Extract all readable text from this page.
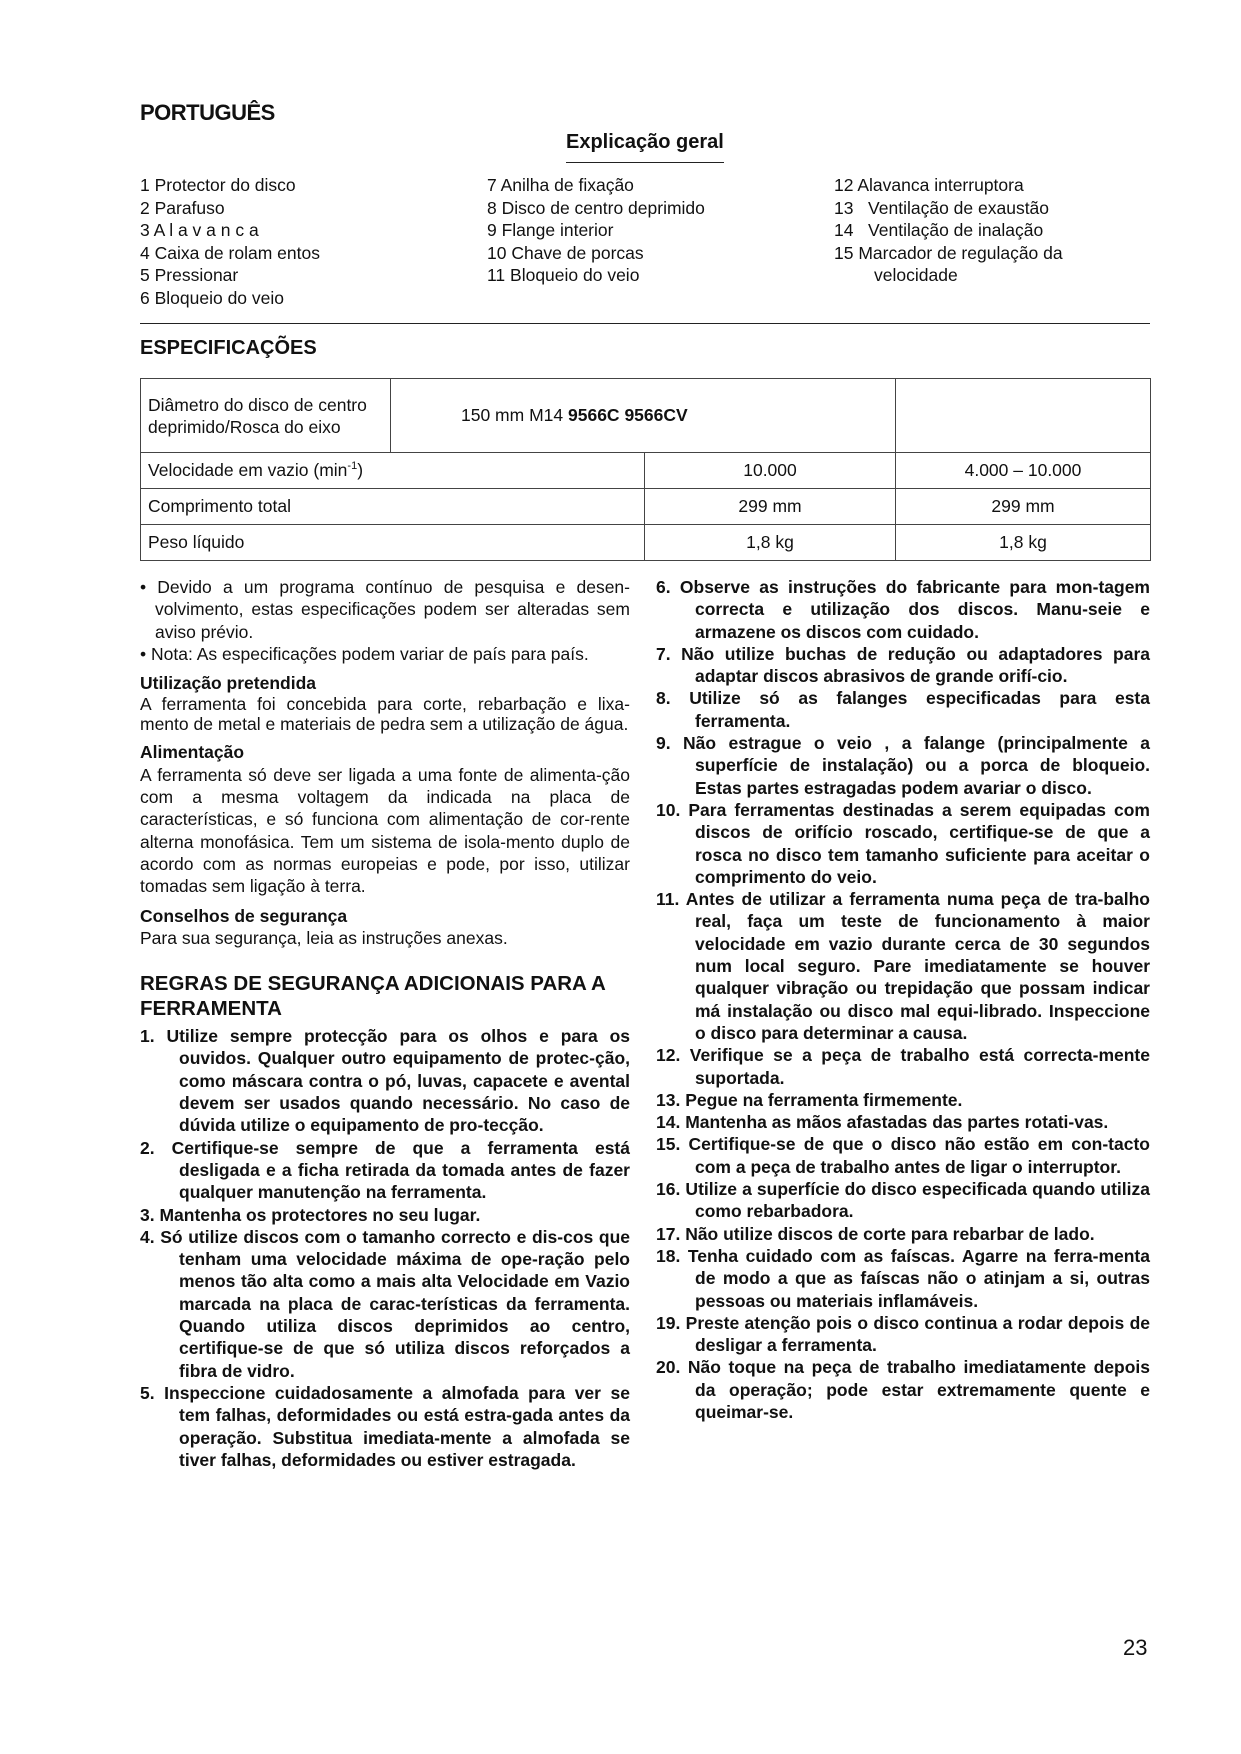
PORTUGUÊS
Explicação geral
1 Protector do disco
2 Parafuso
3 A l a v a n c a
4 Caixa de rolam entos
5 Pressionar
6 Bloqueio do veio
7 Anilha de fixação
8 Disco de centro deprimido
9 Flange interior
10 Chave de porcas
11 Bloqueio do veio
12 Alavanca interruptora
13   Ventilação de exaustão
14   Ventilação de inalação
15 Marcador de regulação da
velocidade
ESPECIFICAÇÕES
Diâmetro do disco de centro deprimido/Rosca do eixo	150 mm M14 9566C 9566CV		
Velocidade em vazio $(\min^{-1})$		10.000	4.000 – 10.000
Comprimento total		299 mm	299 mm
Peso líquido		1,8 kg	1,8 kg

• Devido a um programa contínuo de pesquisa e desen-volvimento, estas especificações podem ser alteradas sem aviso prévio.

• Nota: As especificações podem variar de país para país.

Utilização pretendida

A ferramenta foi concebida para corte, rebarbação e lixa-mento de metal e materiais de pedra sem a utilização de água.

Alimentação

A ferramenta só deve ser ligada a uma fonte de alimenta-ção com a mesma voltagem da indicada na placa de características, e só funciona com alimentação de cor-rente alterna monofásica. Tem um sistema de isola-mento duplo de acordo com as normas europeias e pode, por isso, utilizar tomadas sem ligação à terra.

Conselhos de segurança

Para sua segurança, leia as instruções anexas.

REGRAS DE SEGURANÇA ADICIONAIS PARA A FERRAMENTA

1. Utilize sempre protecção para os olhos e para os ouvidos. Qualquer outro equipamento de protec-ção, como máscara contra o pó, luvas, capacete e avental devem ser usados quando necessário. No caso de dúvida utilize o equipamento de pro-tecção.

2. Certifique-se sempre de que a ferramenta está desligada e a ficha retirada da tomada antes de fazer qualquer manutenção na ferramenta.

3. Mantenha os protectores no seu lugar.

4. Só utilize discos com o tamanho correcto e dis-cos que tenham uma velocidade máxima de ope-ração pelo menos tão alta como a mais alta Velocidade em Vazio marcada na placa de carac-terísticas da ferramenta. Quando utiliza discos deprimidos ao centro, certifique-se de que só utiliza discos reforçados a fibra de vidro.

5. Inspeccione cuidadosamente a almofada para ver se tem falhas, deformidades ou está estra-gada antes da operação. Substitua imediata-mente a almofada se tiver falhas, deformidades ou estiver estragada.

6. Observe as instruções do fabricante para mon-tagem correcta e utilização dos discos. Manu-seie e armazene os discos com cuidado.

7. Não utilize buchas de redução ou adaptadores para adaptar discos abrasivos de grande orifí-cio.

8. Utilize só as falanges especificadas para esta ferramenta.

9. Não estrague o veio , a falange (principalmente a superfície de instalação) ou a porca de bloqueio. Estas partes estragadas podem avariar o disco.

10. Para ferramentas destinadas a serem equipadas com discos de orifício roscado, certifique-se de que a rosca no disco tem tamanho suficiente para aceitar o comprimento do veio.

11. Antes de utilizar a ferramenta numa peça de tra-balho real, faça um teste de funcionamento à maior velocidade em vazio durante cerca de 30 segundos num local seguro. Pare imediatamente se houver qualquer vibração ou trepidação que possam indicar má instalação ou disco mal equi-librado. Inspeccione o disco para determinar a causa.

12. Verifique se a peça de trabalho está correcta-mente suportada.

13. Pegue na ferramenta firmemente.

14. Mantenha as mãos afastadas das partes rotati-vas.

15. Certifique-se de que o disco não estão em con-tacto com a peça de trabalho antes de ligar o interruptor.

16. Utilize a superfície do disco especificada quando utiliza como rebarbadora.

17. Não utilize discos de corte para rebarbar de lado.

18. Tenha cuidado com as faíscas. Agarre na ferra-menta de modo a que as faíscas não o atinjam a si, outras pessoas ou materiais inflamáveis.

19. Preste atenção pois o disco continua a rodar depois de desligar a ferramenta.

20. Não toque na peça de trabalho imediatamente depois da operação; pode estar extremamente quente e queimar-se.

23
